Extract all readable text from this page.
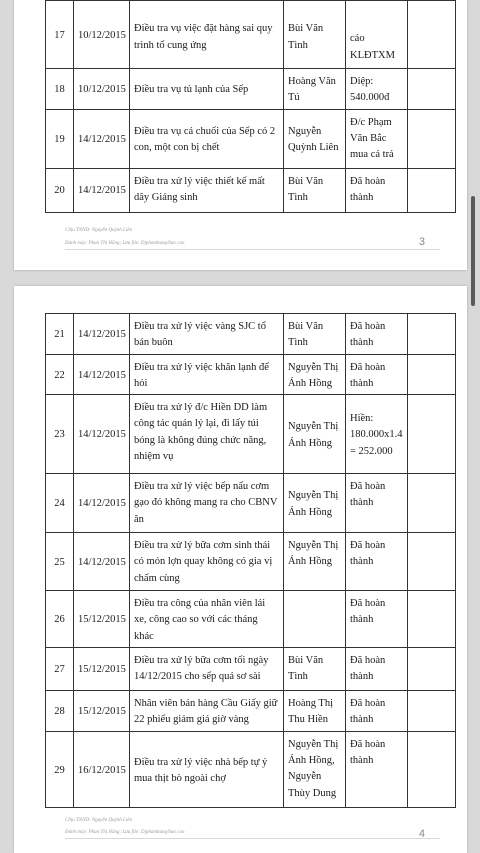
17	10/12/2015	Điều tra vụ việc đặt hàng sai quy trình tổ cung ứng	Bùi Văn Tình	cáo KLĐTXM	
18	10/12/2015	Điều tra vụ tủ lạnh của Sếp	Hoàng Văn Tú	Diệp: 540.000đ	
19	14/12/2015	Điều tra vụ cá chuối của Sếp có 2 con, một con bị chết	Nguyễn Quỳnh Liên	Đ/c Phạm Văn Bắc mua cá trả	
20	14/12/2015	Điều tra xử lý việc thiết kế mất dây Giáng sinh	Bùi Văn Tình	Đã hoàn thành	
Chịu TNND: Nguyễn Quỳnh Liên
Đánh máy: Phan Thị Hằng; Lưu file: Dịphamhung/bao cao	3
21	14/12/2015	Điều tra xử lý việc vàng SJC tổ bán buôn	Bùi Văn Tình	Đã hoàn thành	
22	14/12/2015	Điều tra xử lý việc khăn lạnh để hỏi	Nguyễn Thị Ánh Hồng	Đã hoàn thành	
23	14/12/2015	Điều tra xử lý đ/c Hiền DD làm công tác quản lý lại, đi lấy túi bóng là không đúng chức năng, nhiệm vụ	Nguyễn Thị Ánh Hồng	Hiền: 180.000x1.4 = 252.000	
24	14/12/2015	Điều tra xử lý việc bếp nấu cơm gạo đỏ không mang ra cho CBNV ăn	Nguyễn Thị Ánh Hồng	Đã hoàn thành	
25	14/12/2015	Điều tra xử lý bữa cơm sinh thái có món lợn quay không có gia vị chấm cùng	Nguyễn Thị Ánh Hồng	Đã hoàn thành	
26	15/12/2015	Điều tra công của nhân viên lái xe, công cao so với các tháng khác		Đã hoàn thành	
27	15/12/2015	Điều tra xử lý bữa cơm tối ngày 14/12/2015 cho sếp quá sơ sài	Bùi Văn Tình	Đã hoàn thành	
28	15/12/2015	Nhân viên bán hàng Cầu Giấy giữ 22 phiếu giảm giá giờ vàng	Hoàng Thị Thu Hiền	Đã hoàn thành	
29	16/12/2015	Điều tra xử lý việc nhà bếp tự ý mua thịt bò ngoài chợ	Nguyễn Thị Ánh Hồng, Nguyễn Thùy Dung	Đã hoàn thành	
Chịu TNND: Nguyễn Quỳnh Liên
Đánh máy: Phan Thị Hằng; Lưu file: Dịphamhung/bao cao	4
